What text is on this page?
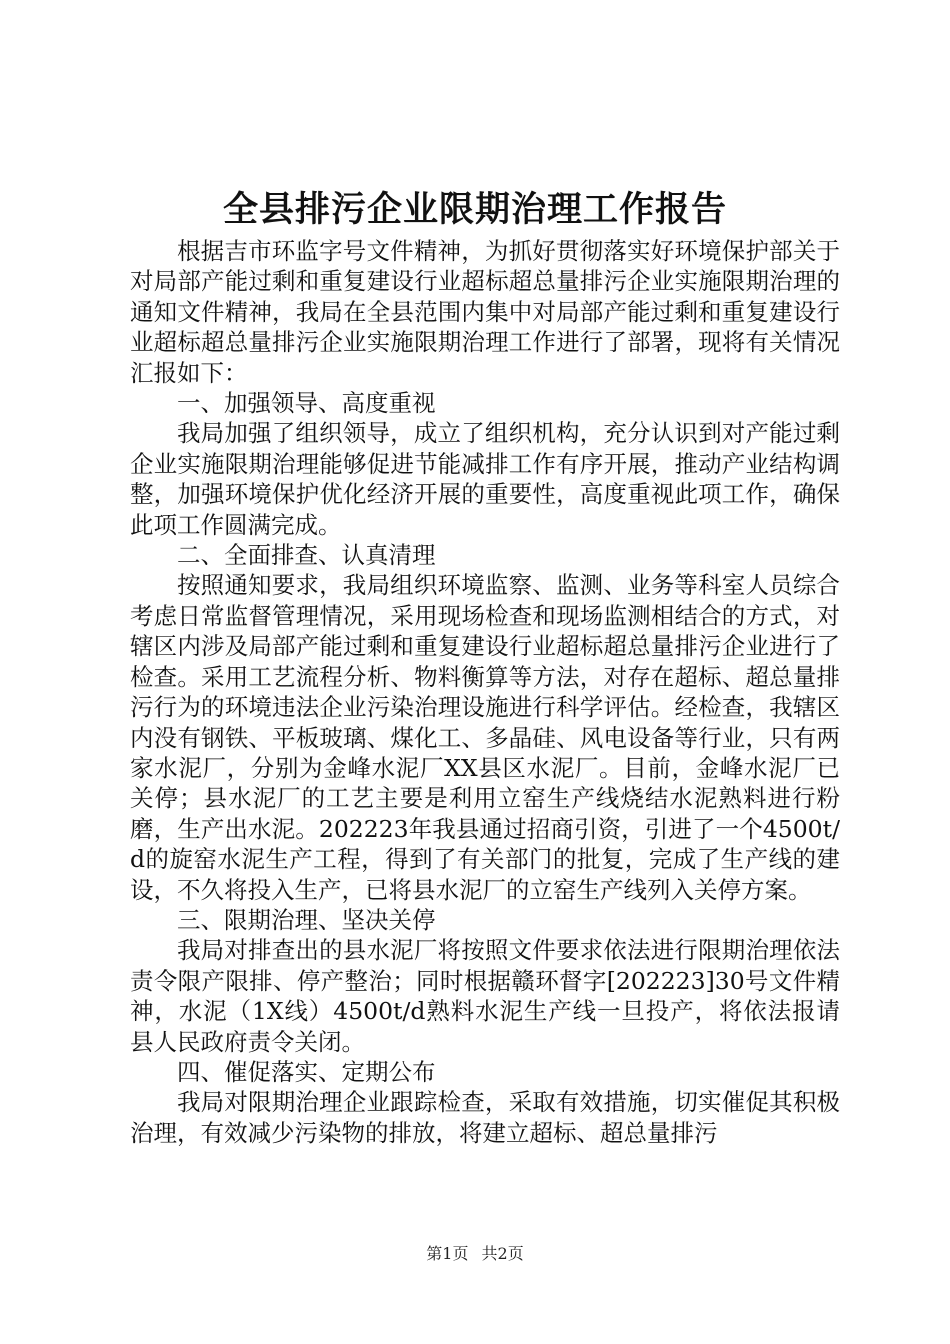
全县排污企业限期治理工作报告

根据吉市环监字号文件精神，为抓好贯彻落实好环境保护部关于对局部产能过剩和重复建设行业超标超总量排污企业实施限期治理的通知文件精神，我局在全县范围内集中对局部产能过剩和重复建设行业超标超总量排污企业实施限期治理工作进行了部署，现将有关情况汇报如下：

一、加强领导、高度重视

我局加强了组织领导，成立了组织机构，充分认识到对产能过剩企业实施限期治理能够促进节能减排工作有序开展，推动产业结构调整，加强环境保护优化经济开展的重要性，高度重视此项工作，确保此项工作圆满完成。

二、全面排查、认真清理

按照通知要求，我局组织环境监察、监测、业务等科室人员综合考虑日常监督管理情况，采用现场检查和现场监测相结合的方式，对辖区内涉及局部产能过剩和重复建设行业超标超总量排污企业进行了检查。采用工艺流程分析、物料衡算等方法，对存在超标、超总量排污行为的环境违法企业污染治理设施进行科学评估。经检查，我辖区内没有钢铁、平板玻璃、煤化工、多晶硅、风电设备等行业，只有两家水泥厂，分别为金峰水泥厂XX县区水泥厂。目前，金峰水泥厂已关停；县水泥厂的工艺主要是利用立窑生产线烧结水泥熟料进行粉磨，生产出水泥。202223年我县通过招商引资，引进了一个4500t/d的旋窑水泥生产工程，得到了有关部门的批复，完成了生产线的建设，不久将投入生产，已将县水泥厂的立窑生产线列入关停方案。

三、限期治理、坚决关停

我局对排查出的县水泥厂将按照文件要求依法进行限期治理依法责令限产限排、停产整治；同时根据赣环督字[202223]30号文件精神，水泥（1X线）4500t/d熟料水泥生产线一旦投产，将依法报请县人民政府责令关闭。

四、催促落实、定期公布

我局对限期治理企业跟踪检查，采取有效措施，切实催促其积极治理，有效减少污染物的排放，将建立超标、超总量排污

第1页 共2页
